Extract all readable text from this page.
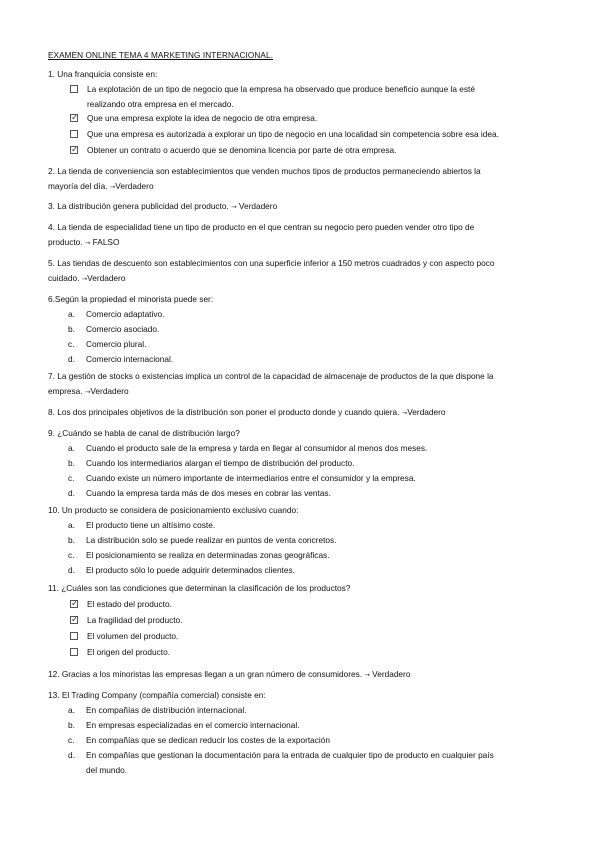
EXAMEN ONLINE TEMA 4 MARKETING INTERNACIONAL.
1. Una franquicia consiste en:
La explotación de un tipo de negocio que la empresa ha observado que produce beneficio aunque la esté
realizando otra empresa en el mercado.
✓
Que una empresa explote la idea de negocio de otra empresa.
Que una empresa es autorizada a explorar un tipo de negocio en una localidad sin competencia sobre esa idea.
✓
Obtener un contrato o acuerdo que se denomina licencia por parte de otra empresa.
2. La tienda de conveniencia son establecimientos que venden muchos tipos de productos permaneciendo abiertos la
mayoría del día. →Verdadero
3. La distribución genera publicidad del producto. → Verdadero
4. La tienda de especialidad tiene un tipo de producto en el que centran su negocio pero pueden vender otro tipo de
producto. → FALSO
5. Las tiendas de descuento son establecimientos con una superficie inferior a 150 metros cuadrados y con aspecto poco
cuidado. →Verdadero
6.Según la propiedad el minorista puede ser:
a. Comercio adaptativo.
b. Comercio asociado.
c. Comercio plural.
d. Comercio internacional.
7. La gestión de stocks o existencias implica un control de la capacidad de almacenaje de productos de la que dispone la
empresa. →Verdadero
8. Los dos principales objetivos de la distribución son poner el producto donde y cuando quiera. →Verdadero
9. ¿Cuándo se habla de canal de distribución largo?
a. Cuando el producto sale de la empresa y tarda en llegar al consumidor al menos dos meses.
b. Cuando los intermediarios alargan el tiempo de distribución del producto.
c. Cuando existe un número importante de intermediarios entre el consumidor y la empresa.
d. Cuando la empresa tarda más de dos meses en cobrar las ventas.
10. Un producto se considera de posicionamiento exclusivo cuando:
a. El producto tiene un altísimo coste.
b. La distribución solo se puede realizar en puntos de venta concretos.
c. El posicionamiento se realiza en determinadas zonas geográficas.
d. El producto sólo lo puede adquirir determinados clientes.
11. ¿Cuáles son las condiciones que determinan la clasificación de los productos?
✓
El estado del producto.
✓
La fragilidad del producto.
El volumen del producto.
El origen del producto.
12. Gracias a los minoristas las empresas llegan a un gran número de consumidores. → Verdadero
13. El Trading Company (compañía comercial) consiste en:
a. En compañías de distribución internacional.
b. En empresas especializadas en el comercio internacional.
c. En compañías que se dedican reducir los costes de la exportación
d. En compañías que gestionan la documentación para la entrada de cualquier tipo de producto en cualquier país
del mundo.
